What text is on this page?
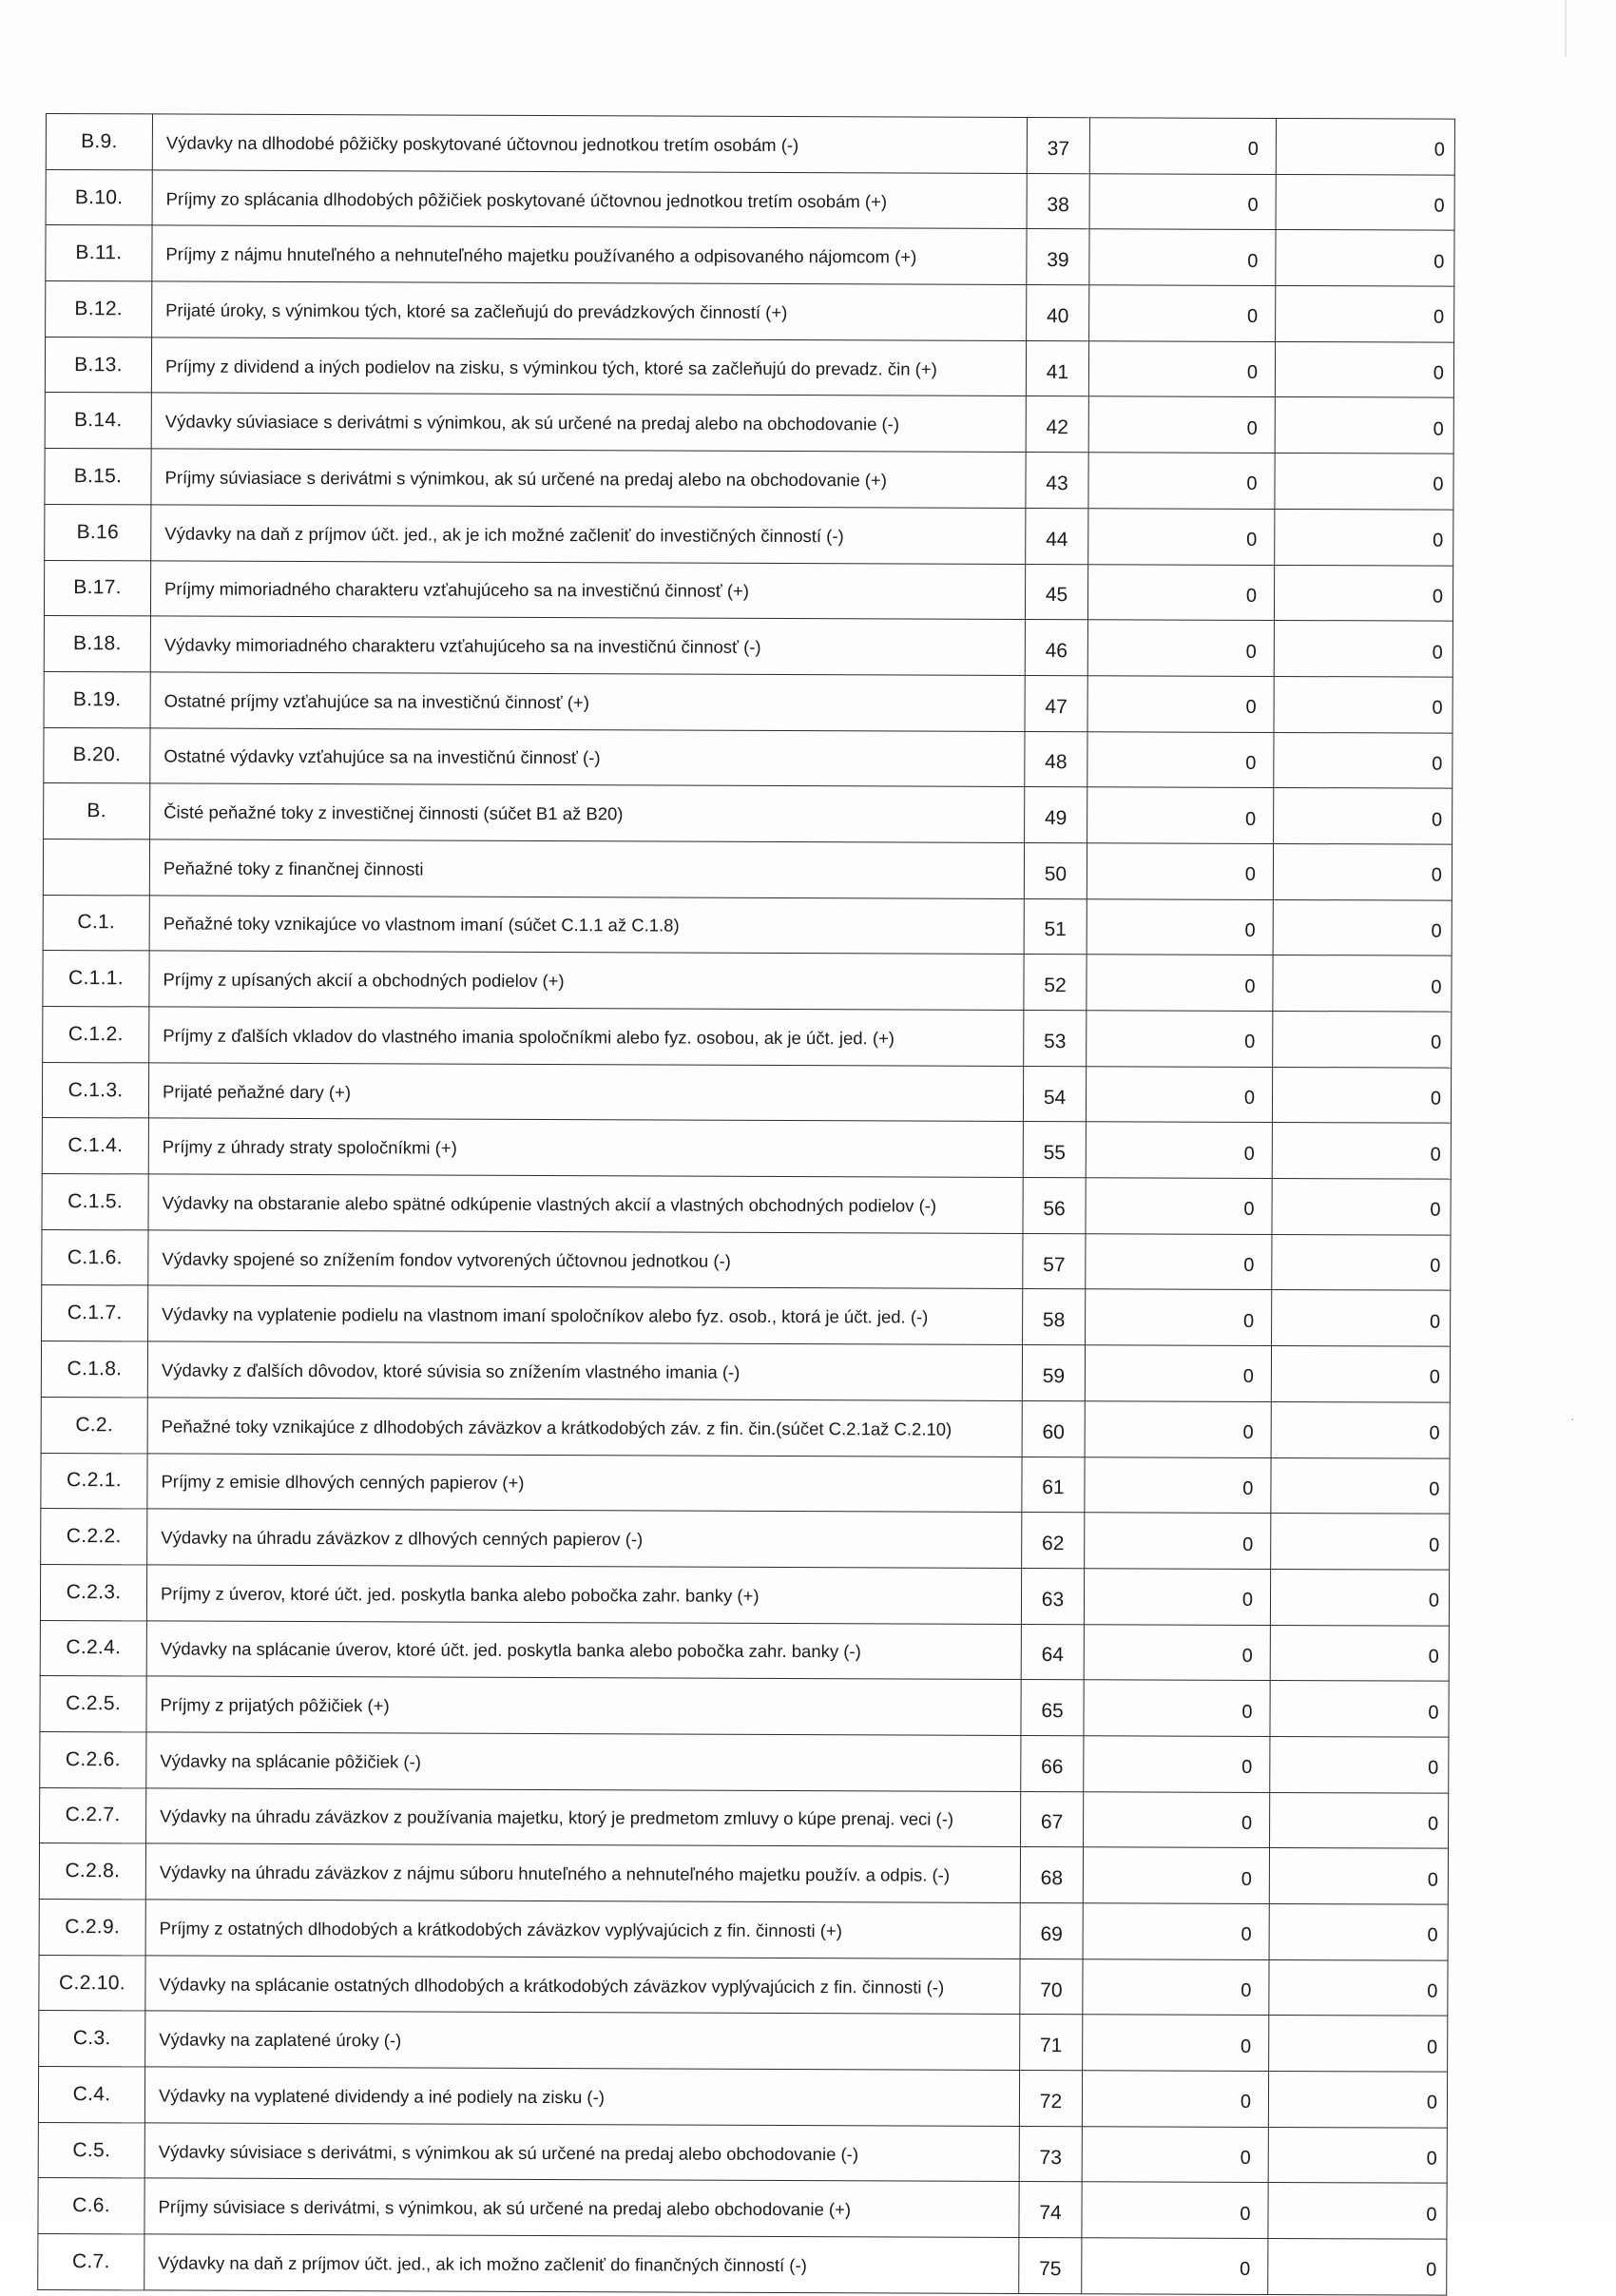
B.9.	Výdavky na dlhodobé pôžičky poskytované účtovnou jednotkou tretím osobám (-)	37	0	0
B.10.	Príjmy zo splácania dlhodobých pôžičiek poskytované účtovnou jednotkou tretím osobám (+)	38	0	0
B.11.	Príjmy z nájmu hnuteľného a nehnuteľného majetku používaného a odpisovaného nájomcom (+)	39	0	0
B.12.	Prijaté úroky, s výnimkou tých, ktoré sa začleňujú do prevádzkových činností (+)	40	0	0
B.13.	Príjmy z dividend a iných podielov na zisku, s výminkou tých, ktoré sa začleňujú do prevadz. čin (+)	41	0	0
B.14.	Výdavky súviasiace s derivátmi s výnimkou, ak sú určené na predaj alebo na obchodovanie (-)	42	0	0
B.15.	Príjmy súviasiace s derivátmi s výnimkou, ak sú určené na predaj alebo na obchodovanie (+)	43	0	0
B.16	Výdavky na daň z príjmov účt. jed., ak je ich možné začleniť do investičných činností (-)	44	0	0
B.17.	Príjmy mimoriadného charakteru vzťahujúceho sa na investičnú činnosť (+)	45	0	0
B.18.	Výdavky mimoriadného charakteru vzťahujúceho sa na investičnú činnosť (-)	46	0	0
B.19.	Ostatné príjmy vzťahujúce sa na investičnú činnosť (+)	47	0	0
B.20.	Ostatné výdavky vzťahujúce sa na investičnú činnosť (-)	48	0	0
B.	Čisté peňažné toky z investičnej činnosti (súčet B1 až B20)	49	0	0
	Peňažné toky z finančnej činnosti	50	0	0
C.1.	Peňažné toky vznikajúce vo vlastnom imaní (súčet C.1.1 až C.1.8)	51	0	0
C.1.1.	Príjmy z upísaných akcií a obchodných podielov (+)	52	0	0
C.1.2.	Príjmy z ďalších vkladov do vlastného imania spoločníkmi alebo fyz. osobou, ak je účt. jed. (+)	53	0	0
C.1.3.	Prijaté peňažné dary (+)	54	0	0
C.1.4.	Príjmy z úhrady straty spoločníkmi (+)	55	0	0
C.1.5.	Výdavky na obstaranie alebo spätné odkúpenie vlastných akcií a vlastných obchodných podielov (-)	56	0	0
C.1.6.	Výdavky spojené so znížením fondov vytvorených účtovnou jednotkou (-)	57	0	0
C.1.7.	Výdavky na vyplatenie podielu na vlastnom imaní spoločníkov alebo fyz. osob., ktorá je účt. jed. (-)	58	0	0
C.1.8.	Výdavky z ďalších dôvodov, ktoré súvisia so znížením vlastného imania (-)	59	0	0
C.2.	Peňažné toky vznikajúce z dlhodobých záväzkov a krátkodobých záv. z fin. čin.(súčet C.2.1až C.2.10)	60	0	0
C.2.1.	Príjmy z emisie dlhových cenných papierov (+)	61	0	0
C.2.2.	Výdavky na úhradu záväzkov z dlhových cenných papierov (-)	62	0	0
C.2.3.	Príjmy z úverov, ktoré účt. jed. poskytla banka alebo pobočka zahr. banky (+)	63	0	0
C.2.4.	Výdavky na splácanie úverov, ktoré účt. jed. poskytla banka alebo pobočka zahr. banky (-)	64	0	0
C.2.5.	Príjmy z prijatých pôžičiek (+)	65	0	0
C.2.6.	Výdavky na splácanie pôžičiek (-)	66	0	0
C.2.7.	Výdavky na úhradu záväzkov z používania majetku, ktorý je predmetom zmluvy o kúpe prenaj. veci (-)	67	0	0
C.2.8.	Výdavky na úhradu záväzkov z nájmu súboru hnuteľného a nehnuteľného majetku použív. a odpis. (-)	68	0	0
C.2.9.	Príjmy z ostatných dlhodobých a krátkodobých záväzkov vyplývajúcich z fin. činnosti (+)	69	0	0
C.2.10.	Výdavky na splácanie ostatných dlhodobých a krátkodobých záväzkov vyplývajúcich z fin. činnosti (-)	70	0	0
C.3.	Výdavky na zaplatené úroky (-)	71	0	0
C.4.	Výdavky na vyplatené dividendy a iné podiely na zisku (-)	72	0	0
C.5.	Výdavky súvisiace s derivátmi, s výnimkou ak sú určené na predaj alebo obchodovanie (-)	73	0	0
C.6.	Príjmy súvisiace s derivátmi, s výnimkou, ak sú určené na predaj alebo obchodovanie (+)	74	0	0
C.7.	Výdavky na daň z príjmov účt. jed., ak ich možno začleniť do finančných činností (-)	75	0	0
·
